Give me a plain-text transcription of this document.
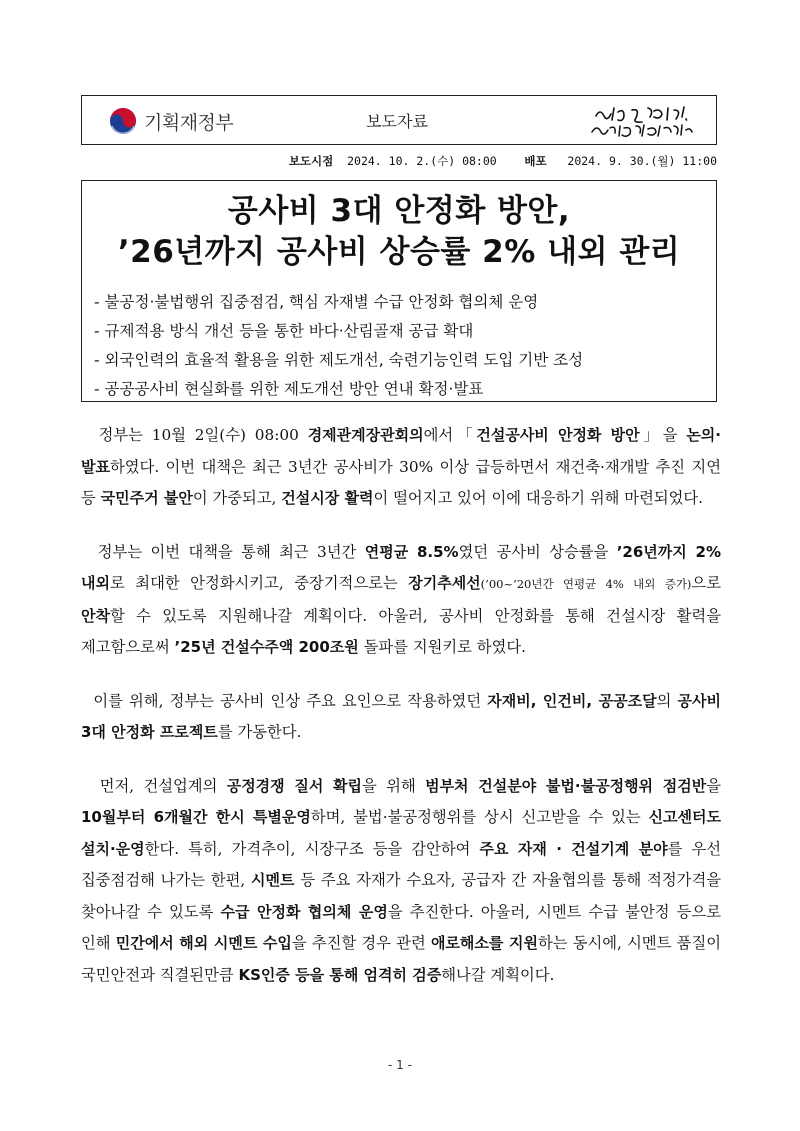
기획재정부	보도자료
보도시점 2024. 10. 2.(수) 08:00 배포 2024. 9. 30.(월) 11:00
공사비 3대 안정화 방안,
’26년까지 공사비 상승률 2% 내외 관리
- 불공정·불법행위 집중점검, 핵심 자재별 수급 안정화 협의체 운영
- 규제적용 방식 개선 등을 통한 바다·산림골재 공급 확대
- 외국인력의 효율적 활용을 위한 제도개선, 숙련기능인력 도입 기반 조성
- 공공공사비 현실화를 위한 제도개선 방안 연내 확정·발표

정부는 10월 2일(수) 08:00 경제관계장관회의에서「건설공사비 안정화 방안」을 논의·발표하였다. 이번 대책은 최근 3년간 공사비가 30% 이상 급등하면서 재건축·재개발 추진 지연 등 국민주거 불안이 가중되고, 건설시장 활력이 떨어지고 있어 이에 대응하기 위해 마련되었다.

정부는 이번 대책을 통해 최근 3년간 연평균 8.5%였던 공사비 상승률을 ’26년까지 2% 내외로 최대한 안정화시키고, 중장기적으로는 장기추세선(’00~’20년간 연평균 4% 내외 증가)으로 안착할 수 있도록 지원해나갈 계획이다. 아울러, 공사비 안정화를 통해 건설시장 활력을 제고함으로써 ’25년 건설수주액 200조원 돌파를 지원키로 하였다.

이를 위해, 정부는 공사비 인상 주요 요인으로 작용하였던 자재비, 인건비, 공공조달의 공사비 3대 안정화 프로젝트를 가동한다.

먼저, 건설업계의 공정경쟁 질서 확립을 위해 범부처 건설분야 불법·불공정행위 점검반을 10월부터 6개월간 한시 특별운영하며, 불법·불공정행위를 상시 신고받을 수 있는 신고센터도 설치·운영한다. 특히, 가격추이, 시장구조 등을 감안하여 주요 자재 · 건설기계 분야를 우선 집중점검해 나가는 한편, 시멘트 등 주요 자재가 수요자, 공급자 간 자율협의를 통해 적정가격을 찾아나갈 수 있도록 수급 안정화 협의체 운영을 추진한다. 아울러, 시멘트 수급 불안정 등으로 인해 민간에서 해외 시멘트 수입을 추진할 경우 관련 애로해소를 지원하는 동시에, 시멘트 품질이 국민안전과 직결된만큼 KS인증 등을 통해 엄격히 검증해나갈 계획이다.

- 1 -
